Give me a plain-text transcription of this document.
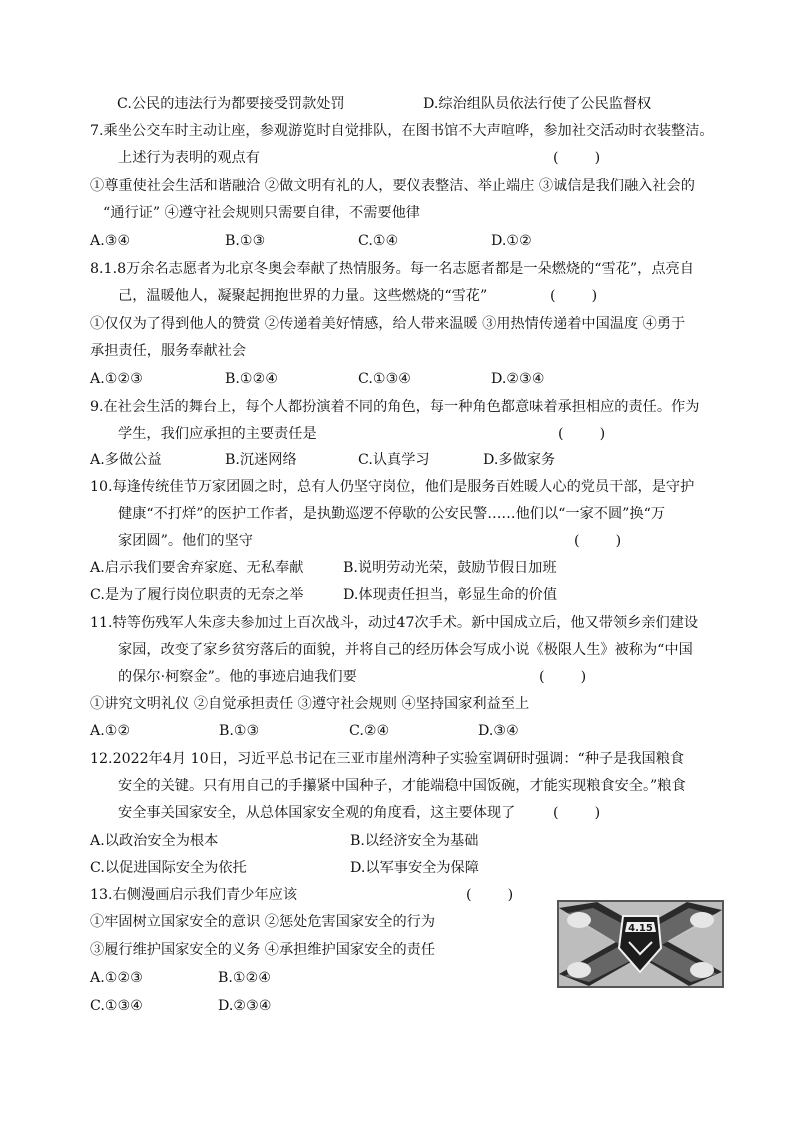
C.公民的违法行为都要接受罚款处罚	D.综治组队员依法行使了公民监督权
7.乘坐公交车时主动让座，参观游览时自觉排队，在图书馆不大声喧哗，参加社交活动时衣装整洁。
上述行为表明的观点有	(        )
①尊重使社会生活和谐融洽 ②做文明有礼的人，要仪表整洁、举止端庄 ③诚信是我们融入社会的
“通行证” ④遵守社会规则只需要自律，不需要他律
A.③④	B.①③	C.①④	D.①②
8.1.8万余名志愿者为北京冬奥会奉献了热情服务。每一名志愿者都是一朵燃烧的“雪花”，点亮自
己，温暖他人，凝聚起拥抱世界的力量。这些燃烧的“雪花”	(        )
①仅仅为了得到他人的赞赏 ②传递着美好情感，给人带来温暖 ③用热情传递着中国温度 ④勇于
承担责任，服务奉献社会
A.①②③	B.①②④	C.①③④	D.②③④
9.在社会生活的舞台上，每个人都扮演着不同的角色，每一种角色都意味着承担相应的责任。作为
学生，我们应承担的主要责任是	(        )
A.多做公益	B.沉迷网络	C.认真学习	D.多做家务
10.每逢传统佳节万家团圆之时，总有人仍坚守岗位，他们是服务百姓暖人心的党员干部，是守护
健康“不打烊”的医护工作者，是执勤巡逻不停歇的公安民警……他们以“一家不圆”换“万
家团圆”。他们的坚守	(        )
A.启示我们要舍弃家庭、无私奉献	B.说明劳动光荣，鼓励节假日加班
C.是为了履行岗位职责的无奈之举	D.体现责任担当，彰显生命的价值
11.特等伤残军人朱彦夫参加过上百次战斗，动过47次手术。新中国成立后，他又带领乡亲们建设
家园，改变了家乡贫穷落后的面貌，并将自己的经历体会写成小说《极限人生》被称为“中国
的保尔·柯察金”。他的事迹启迪我们要	(        )
①讲究文明礼仪 ②自觉承担责任 ③遵守社会规则 ④坚持国家利益至上
A.①②	B.①③	C.②④	D.③④
12.2022年4月 10日，习近平总书记在三亚市崖州湾种子实验室调研时强调：“种子是我国粮食
安全的关键。只有用自己的手攥紧中国种子，才能端稳中国饭碗，才能实现粮食安全。”粮食
安全事关国家安全，从总体国家安全观的角度看，这主要体现了	(        )
A.以政治安全为根本	B.以经济安全为基础
C.以促进国际安全为依托	D.以军事安全为保障
13.右侧漫画启示我们青少年应该	(        )
①牢固树立国家安全的意识 ②惩处危害国家安全的行为
③履行维护国家安全的义务 ④承担维护国家安全的责任
A.①②③	B.①②④
C.①③④	D.②③④
4.15
